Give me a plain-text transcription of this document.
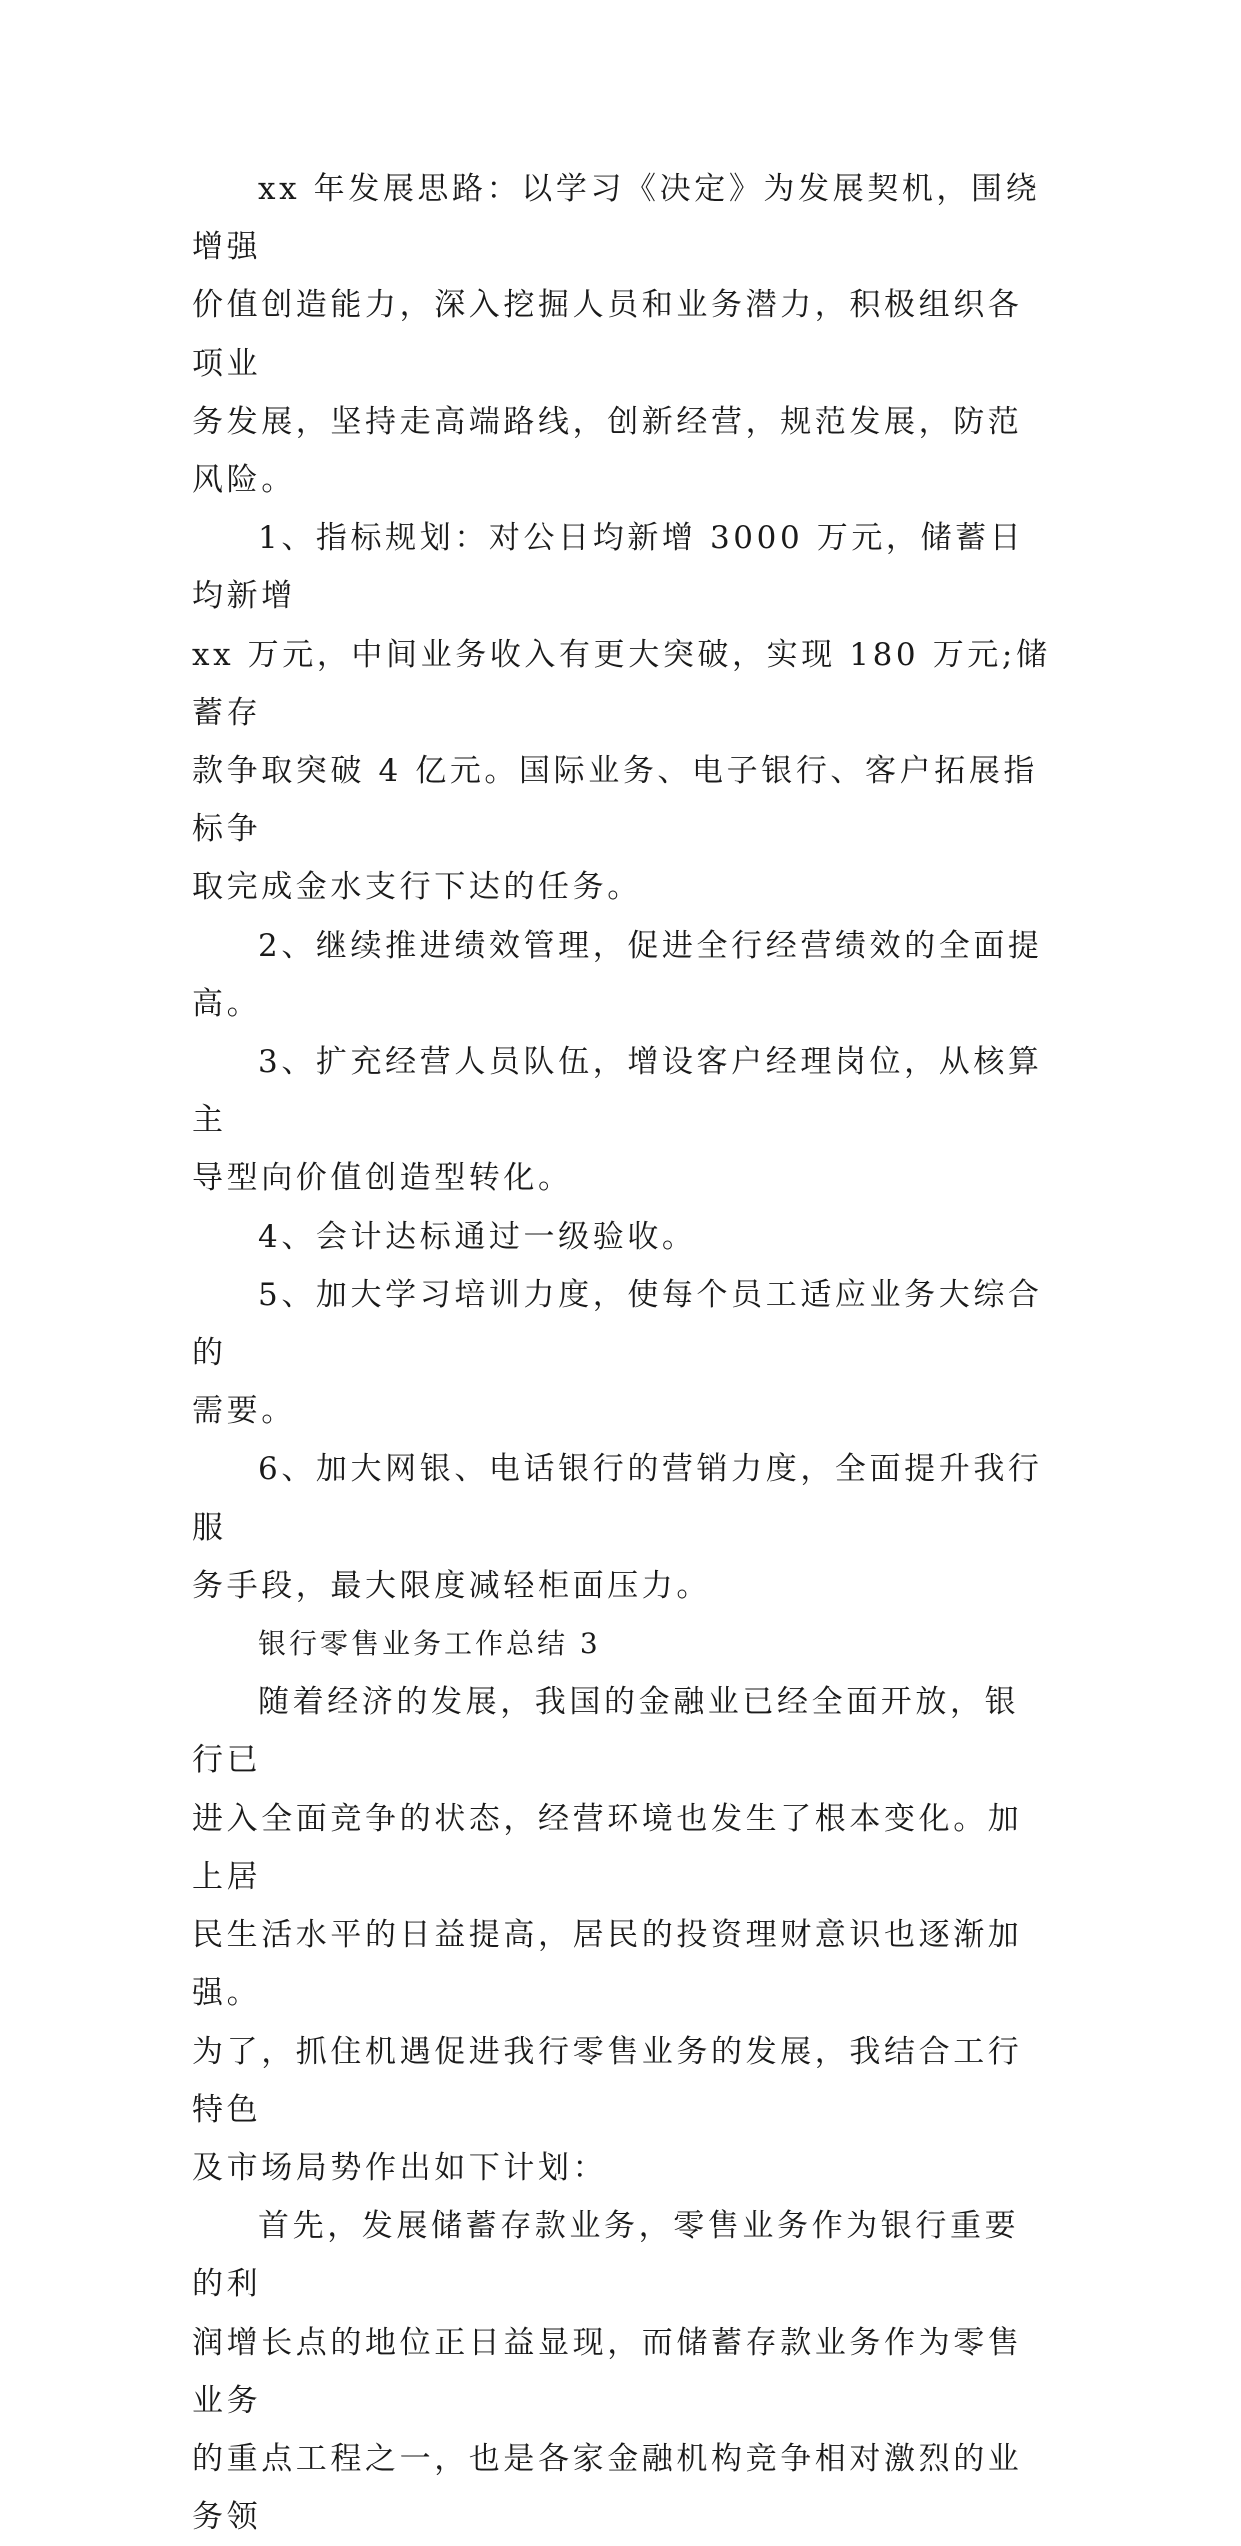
xx 年发展思路：以学习《决定》为发展契机，围绕增强
价值创造能力，深入挖掘人员和业务潜力，积极组织各项业
务发展，坚持走高端路线，创新经营，规范发展，防范风险。

1、指标规划：对公日均新增 3000 万元，储蓄日均新增
xx 万元，中间业务收入有更大突破，实现 180 万元;储蓄存
款争取突破 4 亿元。国际业务、电子银行、客户拓展指标争
取完成金水支行下达的任务。

2、继续推进绩效管理，促进全行经营绩效的全面提高。

3、扩充经营人员队伍，增设客户经理岗位，从核算主
导型向价值创造型转化。

4、会计达标通过一级验收。

5、加大学习培训力度，使每个员工适应业务大综合的
需要。

6、加大网银、电话银行的营销力度，全面提升我行服
务手段，最大限度减轻柜面压力。

银行零售业务工作总结 3

随着经济的发展，我国的金融业已经全面开放，银行已
进入全面竞争的状态，经营环境也发生了根本变化。加上居
民生活水平的日益提高，居民的投资理财意识也逐渐加强。
为了，抓住机遇促进我行零售业务的发展，我结合工行特色
及市场局势作出如下计划：

首先，发展储蓄存款业务，零售业务作为银行重要的利
润增长点的地位正日益显现，而储蓄存款业务作为零售业务
的重点工程之一，也是各家金融机构竞争相对激烈的业务领
